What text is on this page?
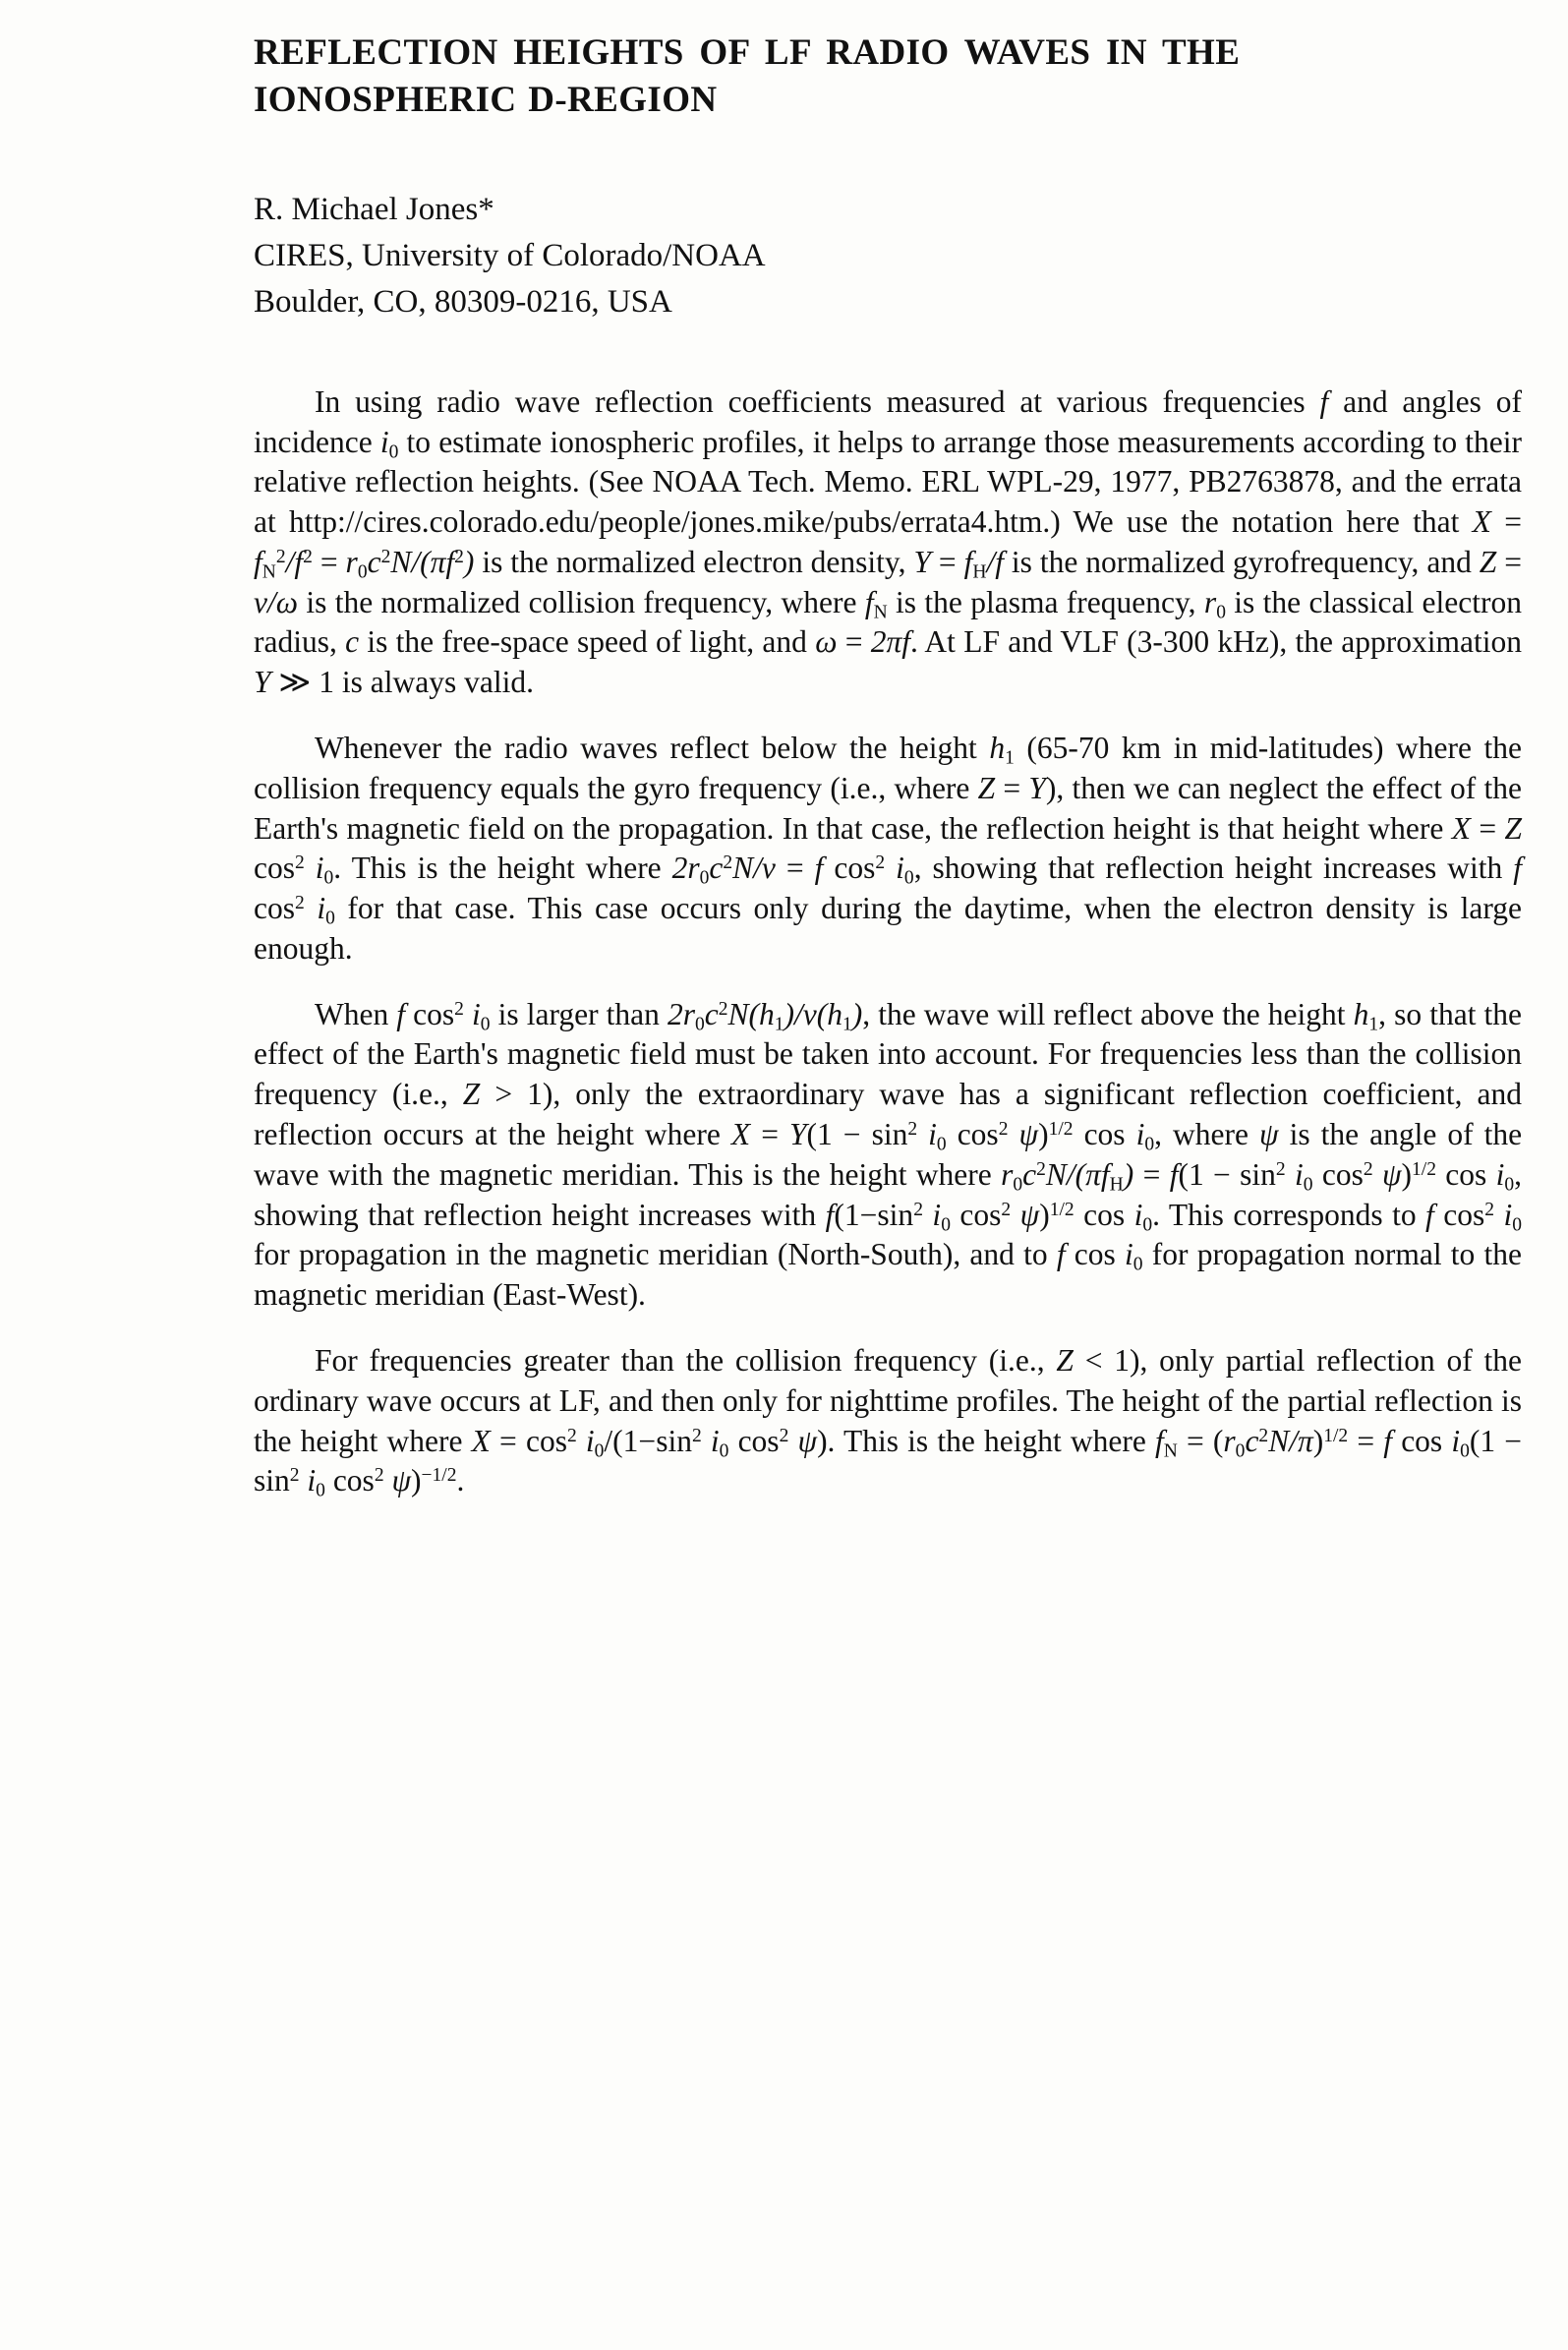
REFLECTION HEIGHTS OF LF RADIO WAVES IN THE
IONOSPHERIC D-REGION
R. Michael Jones*
CIRES, University of Colorado/NOAA
Boulder, CO, 80309-0216, USA

In using radio wave reflection coefficients measured at various frequencies f and angles of incidence $i_0$ to estimate ionospheric profiles, it helps to arrange those measurements according to their relative reflection heights. (See NOAA Tech. Memo. ERL WPL-29, 1977, PB2763878, and the errata at http://cires.colorado.edu/people/jones.mike/pubs/errata4.htm.) We use the notation here that $X = f_N^2/f^2 = r_0c^2N/(\pi f^2)$ is the normalized electron density, $Y = f_H/f$ is the normalized gyrofrequency, and Z = ν/ω is the normalized collision frequency, where $f_N$ is the plasma frequency, $r_0$ is the classical electron radius, c is the free-space speed of light, and ω = 2πf. At LF and VLF (3-300 kHz), the approximation Y ≫ 1 is always valid.

Whenever the radio waves reflect below the height $h_1$ (65-70 km in mid-latitudes) where the collision frequency equals the gyro frequency (i.e., where Z = Y), then we can neglect the effect of the Earth's magnetic field on the propagation. In that case, the reflection height is that height where X = Z $\cos^2 i_0$. This is the height where $2r_0c^2N/\nu = f$ $\cos^2 i_0$, showing that reflection height increases with f $\cos^2 i_0$ for that case. This case occurs only during the daytime, when the electron density is large enough.

When f $\cos^2 i_0$ is larger than $2r_0c^2N(h_1)/\nu(h_1)$, the wave will reflect above the height $h_1$, so that the effect of the Earth's magnetic field must be taken into account. For frequencies less than the collision frequency (i.e., Z > 1), only the extraordinary wave has a significant reflection coefficient, and reflection occurs at the height where $X = Y(1 - \sin^2 i_0$ $\cos^2 \psi)^{1/2}$ $\cos i_0$, where ψ is the angle of the wave with the magnetic meridian. This is the height where $r_0c^2N/(\pi f_H) = f(1 - \sin^2 i_0$ $\cos^2 \psi)^{1/2}$ $\cos i_0$, showing that reflection height increases with $f(1-\sin^2$ $i_0$ $\cos^2 \psi)^{1/2}$ $\cos i_0$. This corresponds to f $\cos^2 i_0$ for propagation in the magnetic meridian (North-South), and to f $\cos i_0$ for propagation normal to the magnetic meridian (East-West).

For frequencies greater than the collision frequency (i.e., Z < 1), only partial reflection of the ordinary wave occurs at LF, and then only for nighttime profiles. The height of the partial reflection is the height where $X = \cos^2 i_0/(1-\sin^2$ $i_0$ $\cos^2 \psi$). This is the height where $f_N = (r_0c^2N/\pi)^{1/2} = f$ $\cos i_0(1 - \sin^2 i_0$ $\cos^2 \psi)^{-1/2}$.
